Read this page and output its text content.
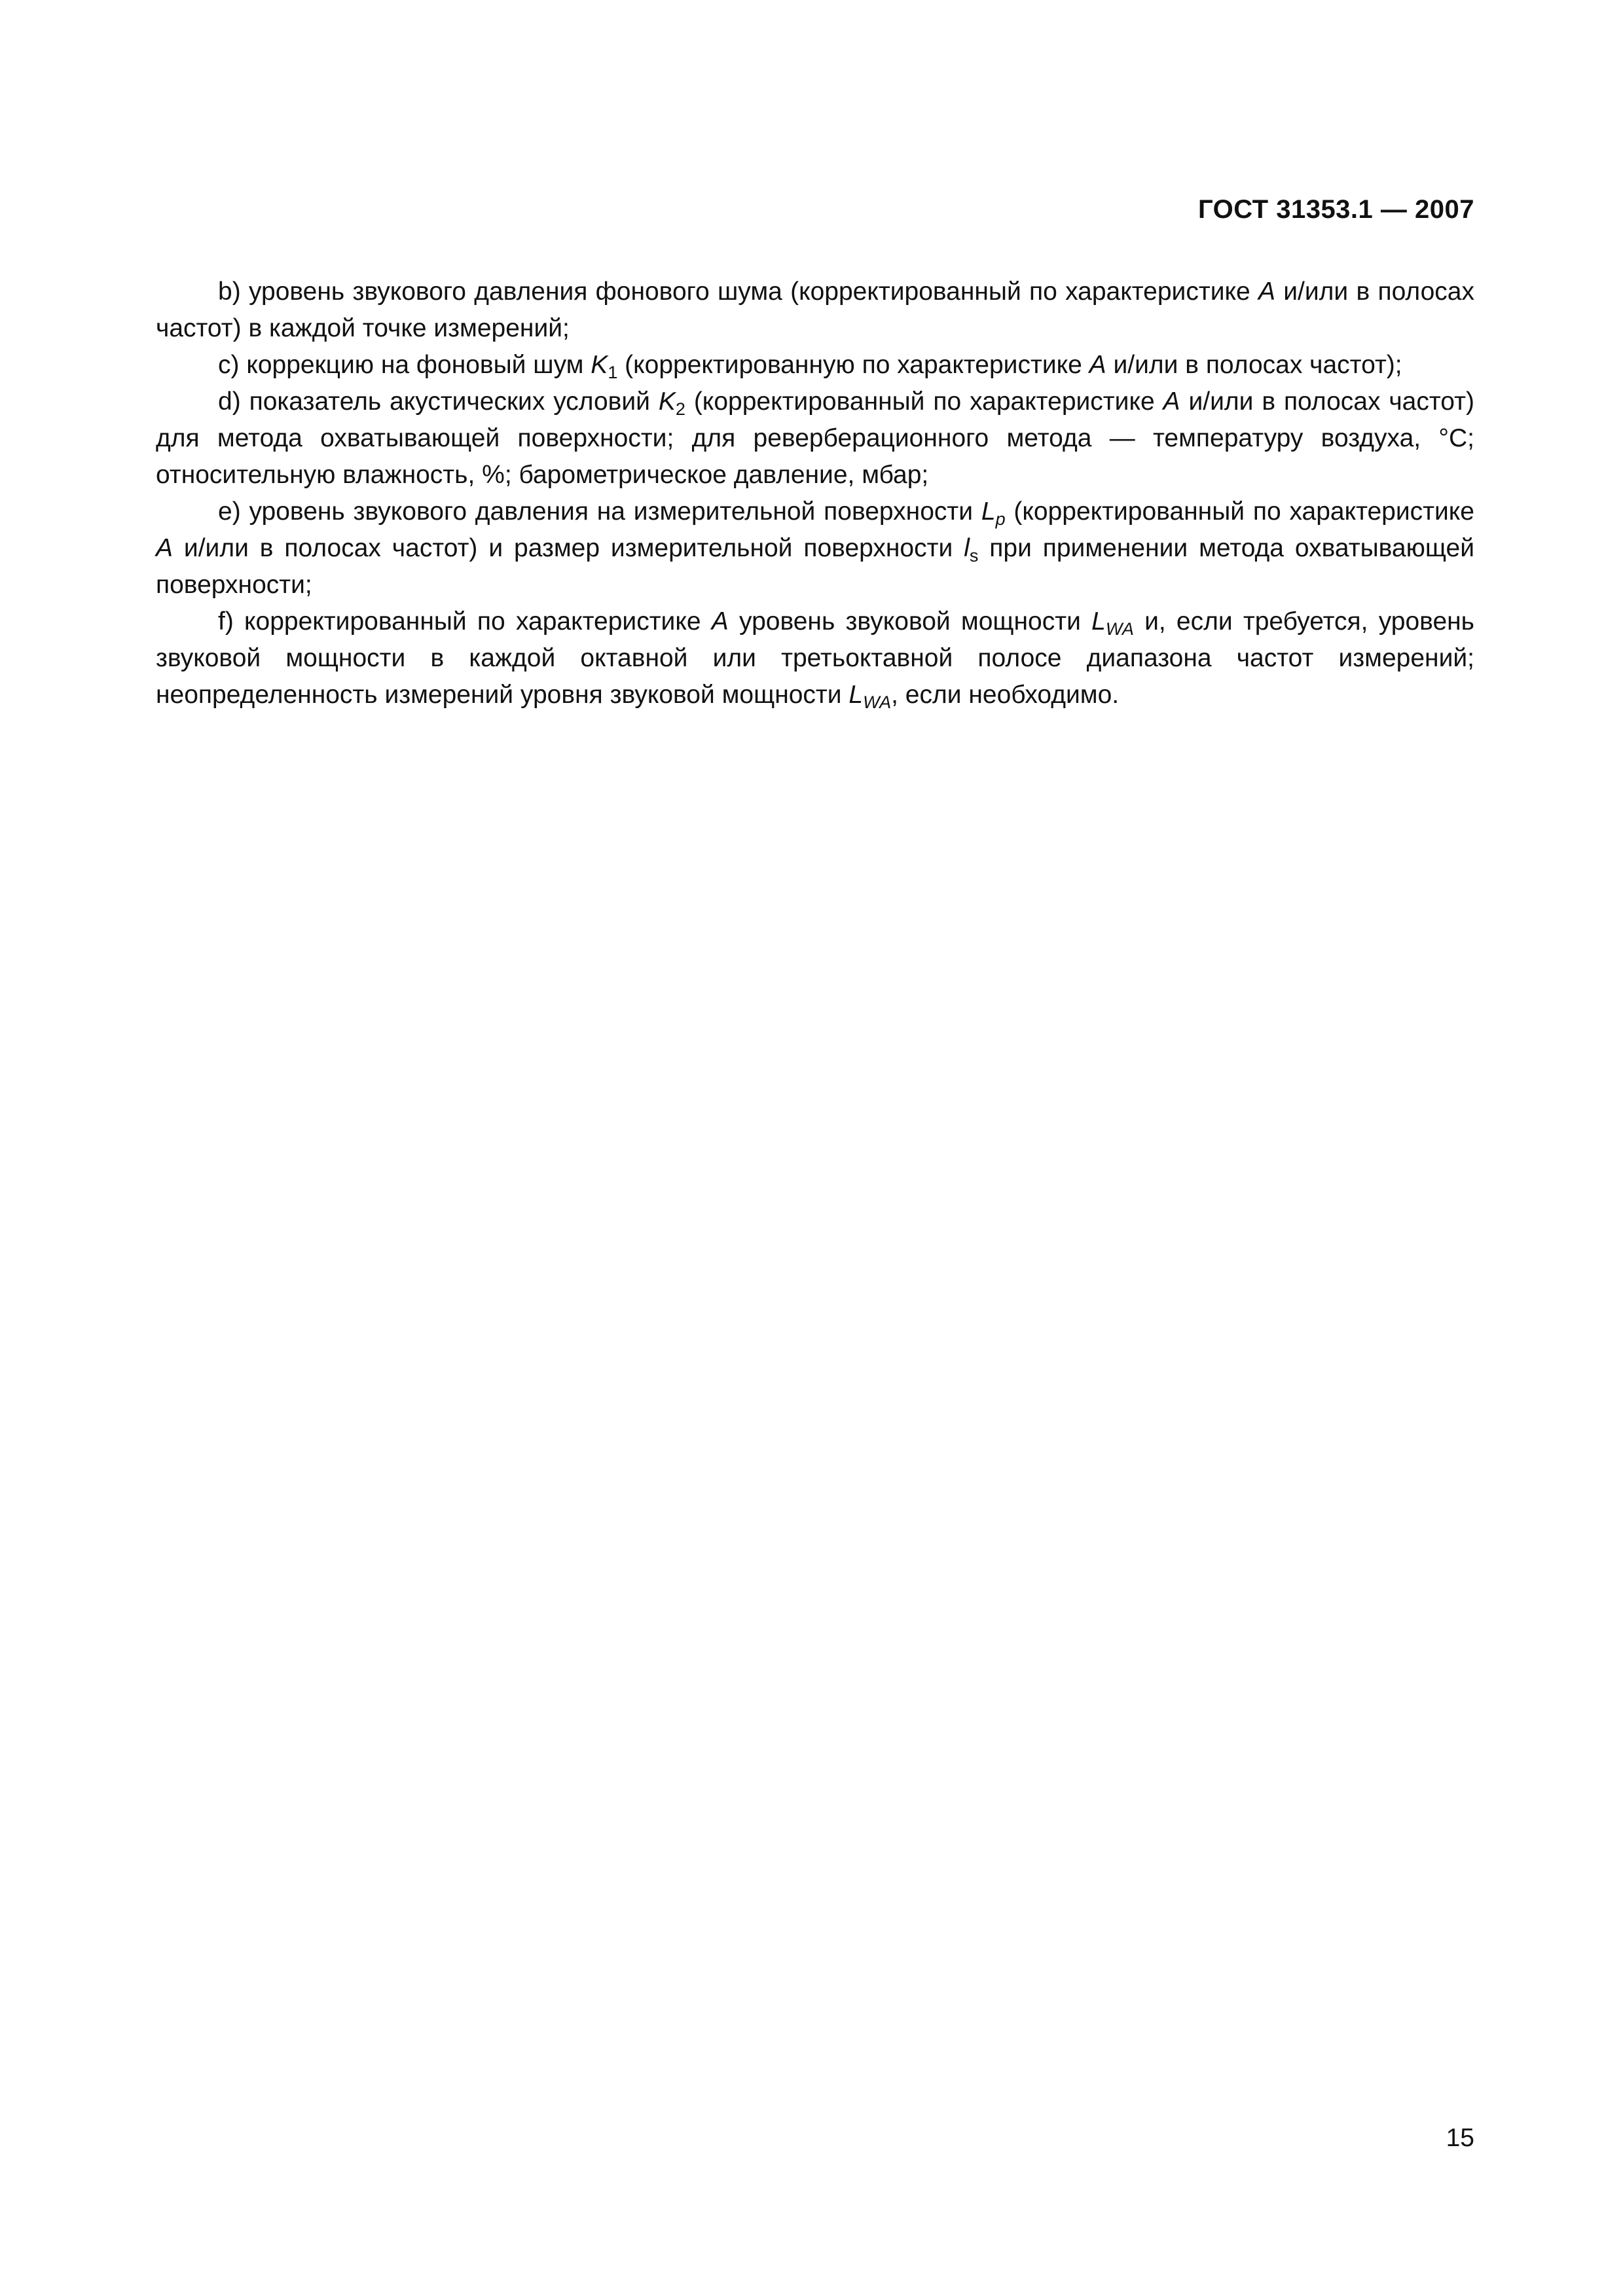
ГОСТ 31353.1 — 2007

b) уровень звукового давления фонового шума (корректированный по характеристике A и/или в полосах частот) в каждой точке измерений;

c) коррекцию на фоновый шум $K_1$ (корректированную по характеристике A и/или в полосах частот);

d) показатель акустических условий $K_2$ (корректированный по характеристике A и/или в полосах частот) для метода охватывающей поверхности; для реверберационного метода — температуру воздуха, °С; относительную влажность, %; барометрическое давление, мбар;

e) уровень звукового давления на измерительной поверхности $L_p$ (корректированный по характеристике A и/или в полосах частот) и размер измерительной поверхности $l_s$ при применении метода охватывающей поверхности;

f) корректированный по характеристике A уровень звуковой мощности $L_{WA}$ и, если требуется, уровень звуковой мощности в каждой октавной или третьоктавной полосе диапазона частот измерений; неопределенность измерений уровня звуковой мощности $L_{WA}$, если необходимо.

15
